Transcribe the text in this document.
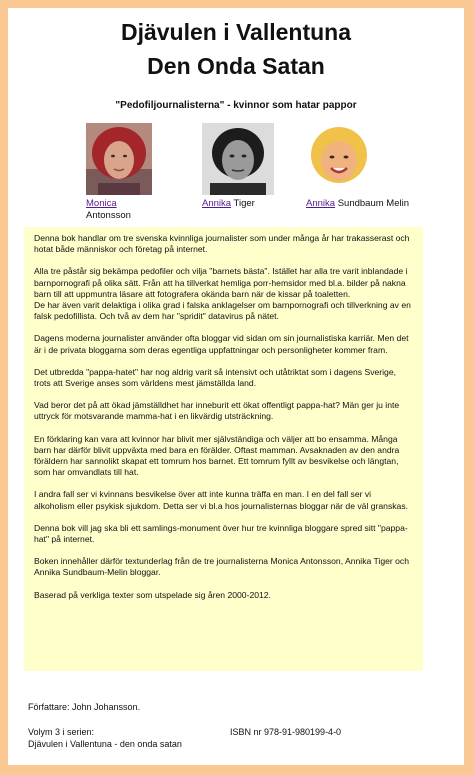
Djävulen i Vallentuna
Den Onda Satan
"Pedofiljournalisterna" - kvinnor som hatar pappor
Monica
Antonsson
Annika Tiger	Annika Sundbaum Melin

Denna bok handlar om tre svenska kvinnliga journalister som under många år har trakasserast och hotat både människor och företag på internet.

Alla tre påstår sig bekämpa pedofiler och vilja "barnets bästa". Istället har alla tre varit inblandade i barnpornografi på olika sätt. Från att ha tillverkat hemliga porr-hemsidor med bl.a. bilder på nakna barn till att uppmuntra läsare att fotografera okända barn när de kissar på toaletten.
De har även varit delaktiga i olika grad i falska anklagelser om barnpornografi och tillverkning av en falsk pedofillista. Och två av dem har "spridit" datavirus på nätet.

Dagens moderna journalister använder ofta bloggar vid sidan om sin journalistiska karriär. Men det är i de privata bloggarna som deras egentliga uppfattningar och personligheter kommer fram.

Det utbredda "pappa-hatet" har nog aldrig varit så intensivt och utåtriktat som i dagens Sverige, trots att Sverige anses som världens mest jämställda land.

Vad beror det på att ökad jämställdhet har inneburit ett ökat offentligt pappa-hat? Män ger ju inte uttryck för motsvarande mamma-hat i en likvärdig utsträckning.

En förklaring kan vara att kvinnor har blivit mer självständiga och väljer att bo ensamma. Många barn har därför blivit uppväxta med bara en förälder. Oftast mamman. Avsaknaden av den andra föräldern har sannolikt skapat ett tomrum hos barnet. Ett tomrum fyllt av besvikelse och längtan, som har omvandlats till hat.

I andra fall ser vi kvinnans besvikelse över att inte kunna träffa en man. I en del fall ser vi alkoholism eller psykisk sjukdom. Detta ser vi bl.a hos journalisternas bloggar när de väl granskas.

Denna bok vill jag ska bli ett samlings-monument över hur tre kvinnliga bloggare spred sitt "pappa-hat" på internet.

Boken innehåller därför textunderlag från de tre journalisterna Monica Antonsson, Annika Tiger och Annika Sundbaum-Melin bloggar.

Baserad på verkliga texter som utspelade sig åren 2000-2012.

Författare: John Johansson.
Volym 3 i serien:
Djävulen i Vallentuna - den onda satan
ISBN nr 978-91-980199-4-0
